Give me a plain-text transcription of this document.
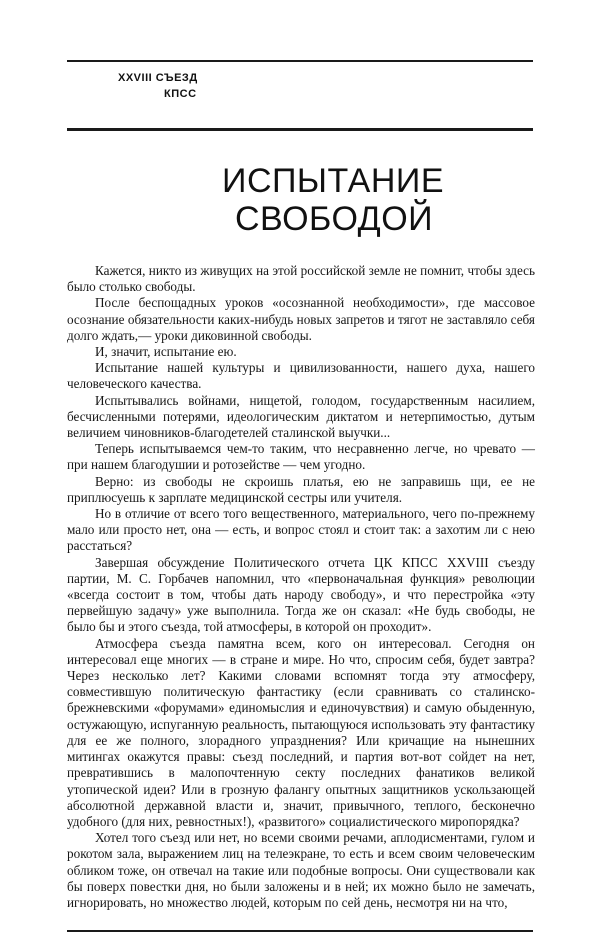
XXVIII СЪЕЗД
КПСС
ИСПЫТАНИЕ
СВОБОДОЙ

Кажется, никто из живущих на этой российской земле не помнит, чтобы здесь было столько свободы.

После беспощадных уроков «осознанной необходимости», где массовое осознание обязательности каких-нибудь новых запретов и тягот не заставляло себя долго ждать,— уроки диковинной свободы.

И, значит, испытание ею.

Испытание нашей культуры и цивилизованности, нашего духа, нашего человеческого качества.

Испытывались войнами, нищетой, голодом, государственным насилием, бесчисленными потерями, идеологическим диктатом и нетерпимостью, дутым величием чиновников-благодетелей сталинской выучки...

Теперь испытываемся чем-то таким, что несравненно легче, но чревато — при нашем благодушии и ротозействе — чем угодно.

Верно: из свободы не скроишь платья, ею не заправишь щи, ее не приплюсуешь к зарплате медицинской сестры или учителя.

Но в отличие от всего того вещественного, материального, чего по-прежнему мало или просто нет, она — есть, и вопрос стоял и стоит так: а захотим ли с нею расстаться?

Завершая обсуждение Политического отчета ЦК КПСС XXVIII съезду партии, М. С. Горбачев напомнил, что «первоначальная функция» революции «всегда состоит в том, чтобы дать народу свободу», и что перестройка «эту первейшую задачу» уже выполнила. Тогда же он сказал: «Не будь свободы, не было бы и этого съезда, той атмосферы, в которой он проходит».

Атмосфера съезда памятна всем, кого он интересовал. Сегодня он интересовал еще многих — в стране и мире. Но что, спросим себя, будет завтра? Через несколько лет? Какими словами вспомнят тогда эту атмосферу, совместившую политическую фантастику (если сравнивать со сталинско-брежневскими «форумами» единомыслия и единочувствия) и самую обыденную, остужающую, испуганную реальность, пытающуюся использовать эту фантастику для ее же полного, злорадного упразднения? Или кричащие на нынешних митингах окажутся правы: съезд последний, и партия вот-вот сойдет на нет, превратившись в малопочтенную секту последних фанатиков великой утопической идеи? Или в грозную фалангу опытных защитников ускользающей абсолютной державной власти и, значит, привычного, теплого, бесконечно удобного (для них, ревностных!), «развитого» социалистического миропорядка?

Хотел того съезд или нет, но всеми своими речами, аплодисментами, гулом и рокотом зала, выражением лиц на телеэкране, то есть и всем своим человеческим обликом тоже, он отвечал на такие или подобные вопросы. Они существовали как бы поверх повестки дня, но были заложены и в ней; их можно было не замечать, игнорировать, но множество людей, которым по сей день, несмотря ни на что,
